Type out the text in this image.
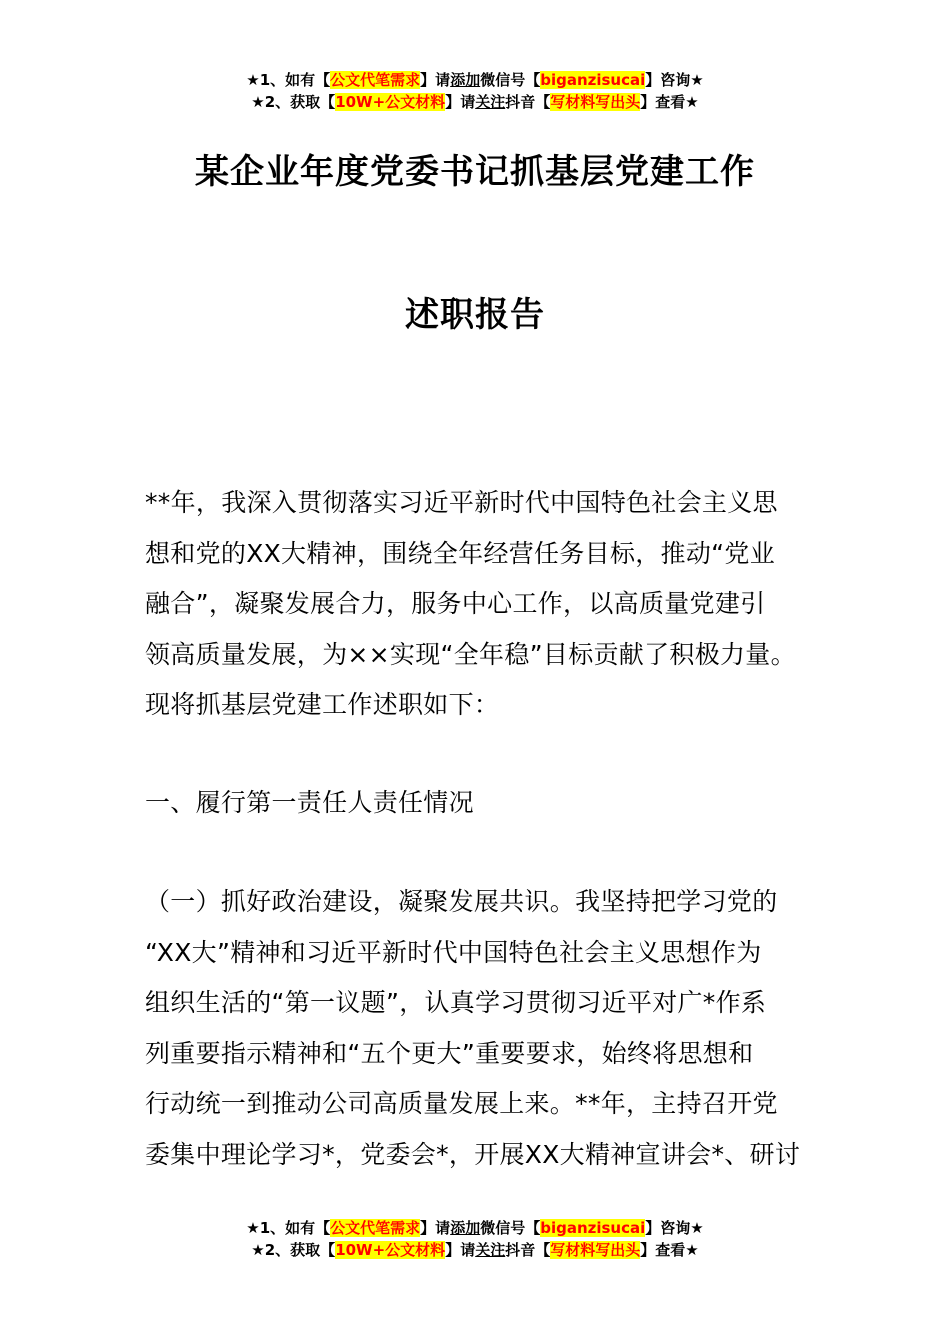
★1、如有【公文代笔需求】请添加微信号【biganzisucai】咨询★
★2、获取【10W+公文材料】请关注抖音【写材料写出头】查看★
某企业年度党委书记抓基层党建工作
述职报告
**年，我深入贯彻落实习近平新时代中国特色社会主义思
想和党的XX大精神，围绕全年经营任务目标，推动“党业
融合”，凝聚发展合力，服务中心工作，以高质量党建引
领高质量发展，为××实现“全年稳”目标贡献了积极力量。
现将抓基层党建工作述职如下：
一、履行第一责任人责任情况
（一）抓好政治建设，凝聚发展共识。我坚持把学习党的
“XX大”精神和习近平新时代中国特色社会主义思想作为
组织生活的“第一议题”，认真学习贯彻习近平对广*作系
列重要指示精神和“五个更大”重要要求，始终将思想和
行动统一到推动公司高质量发展上来。**年，主持召开党
委集中理论学习*，党委会*，开展XX大精神宣讲会*、研讨
★1、如有【公文代笔需求】请添加微信号【biganzisucai】咨询★
★2、获取【10W+公文材料】请关注抖音【写材料写出头】查看★
